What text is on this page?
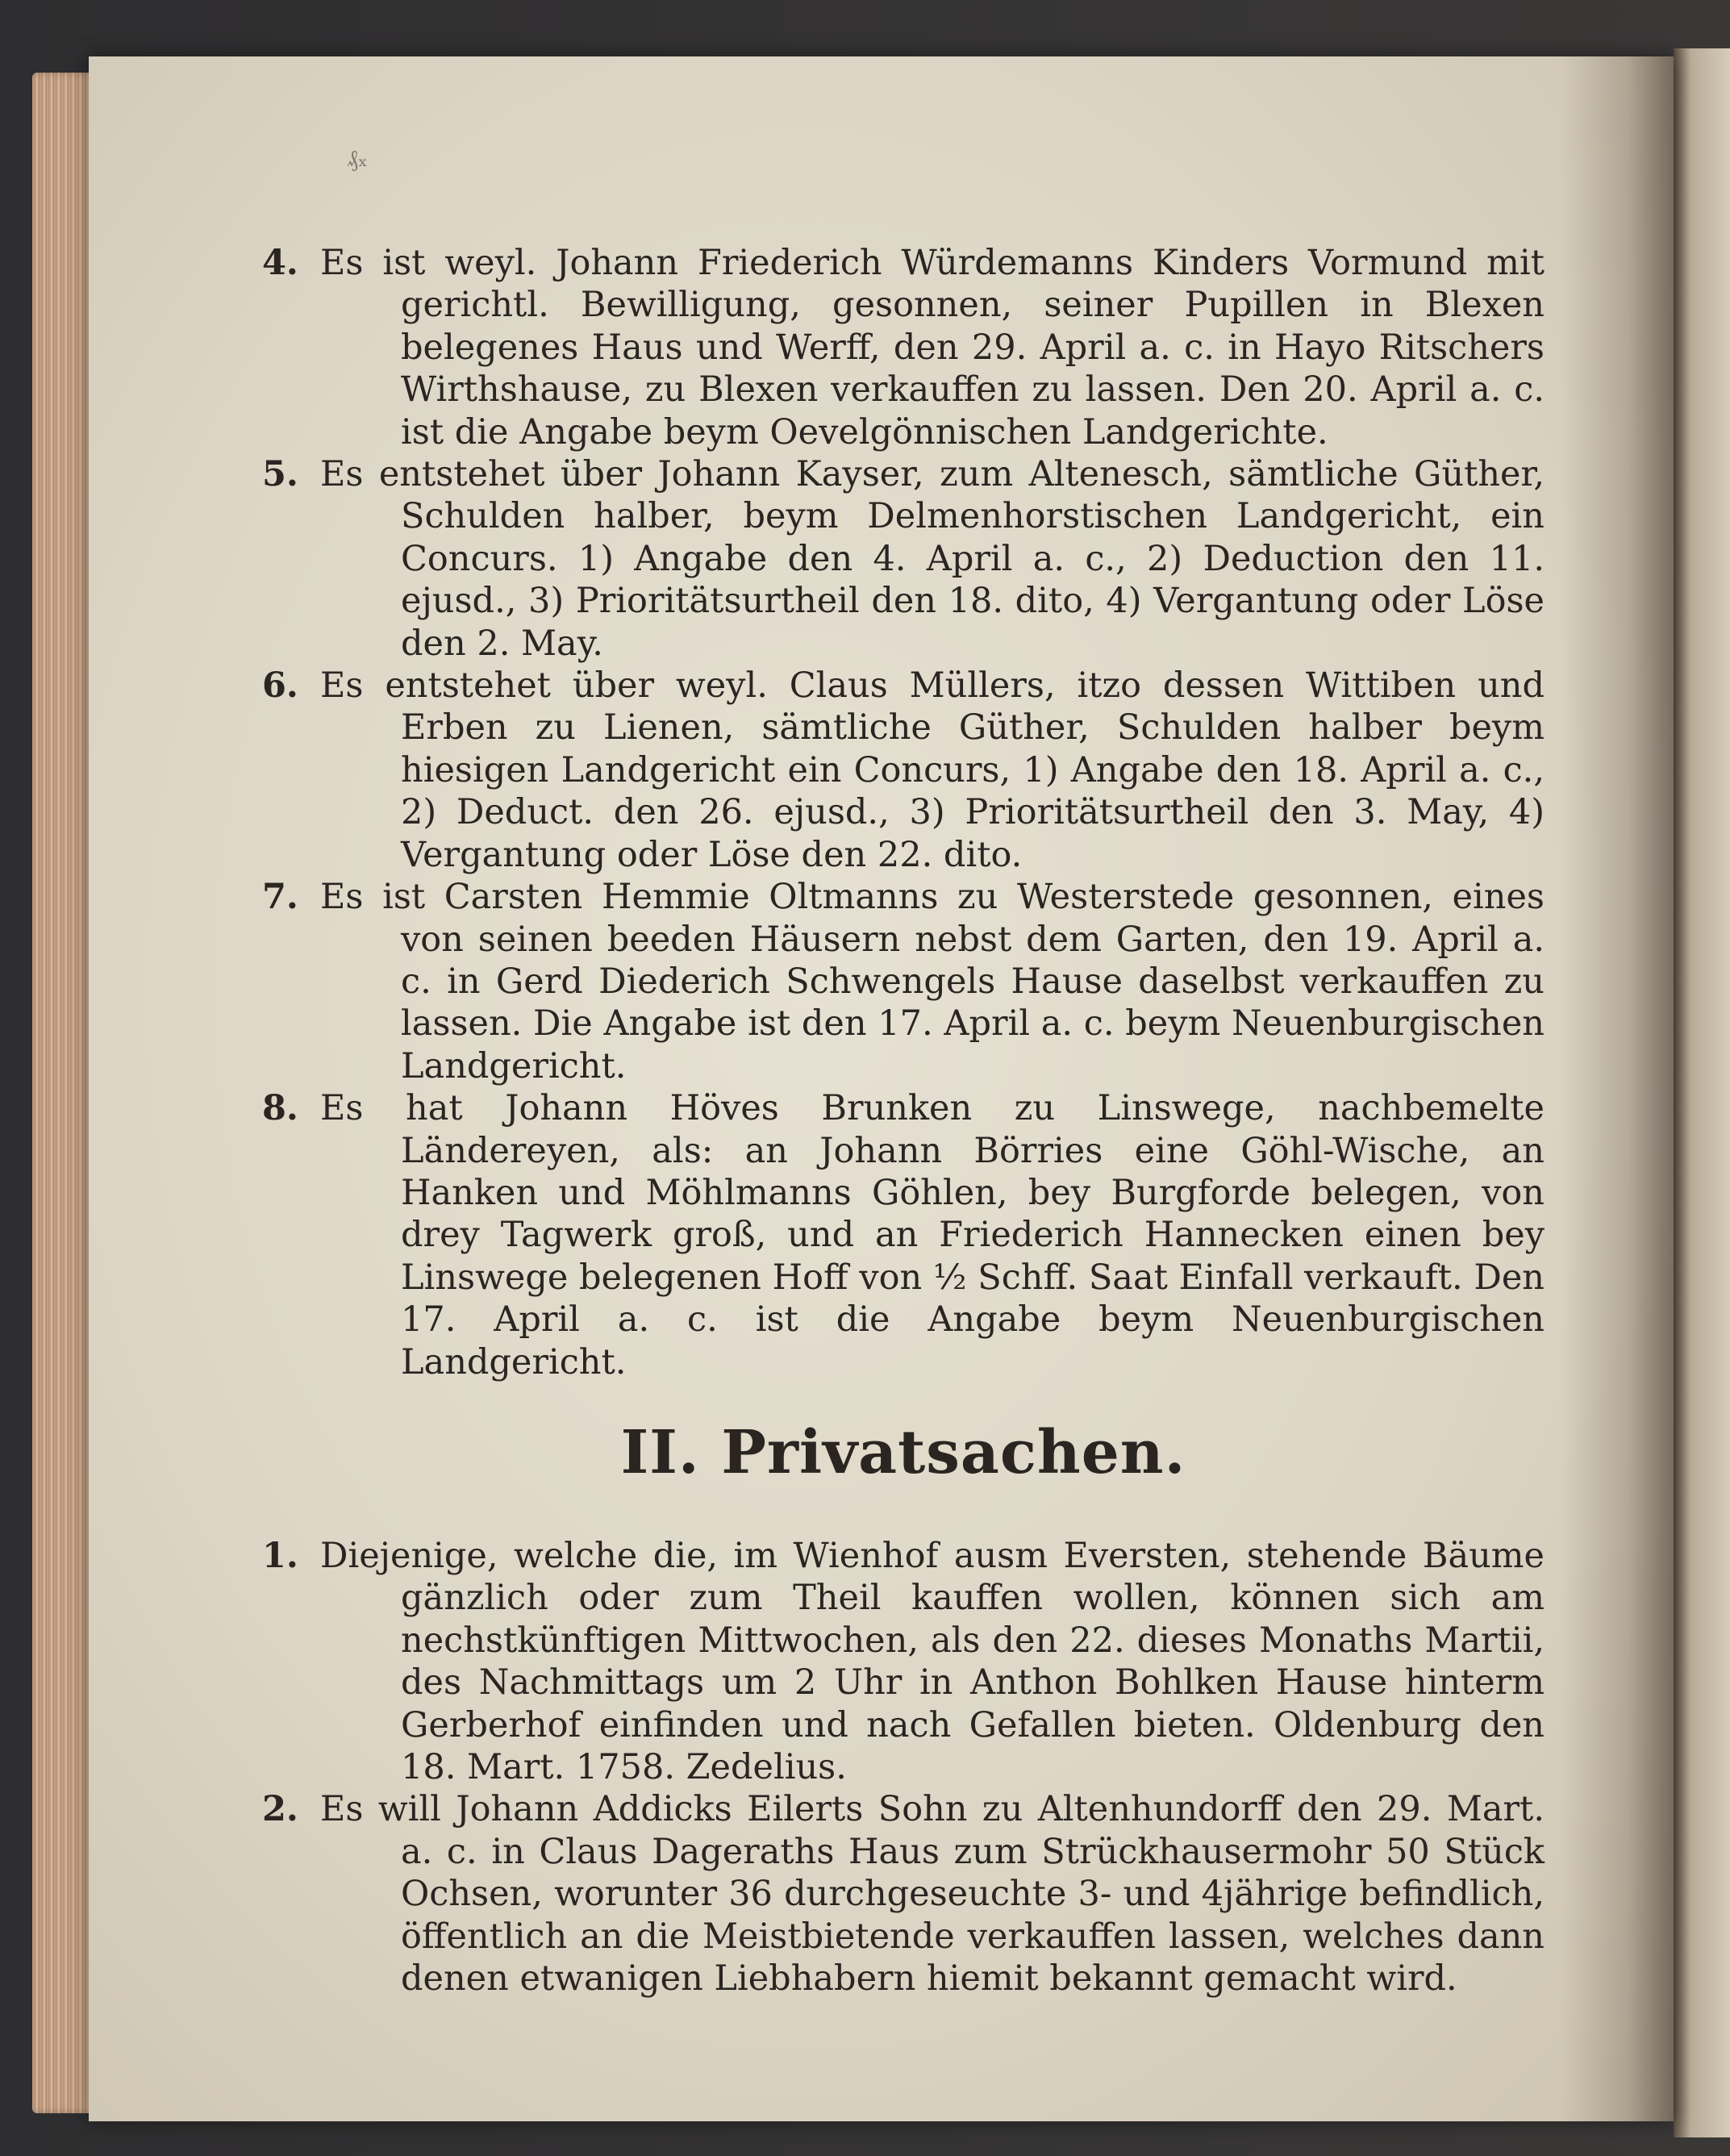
₰ₓ

4. Es ist weyl. Johann Friederich Würdemanns Kinders Vormund mit gerichtl. Bewilligung, gesonnen, seiner Pupillen in Blexen belegenes Haus und Werff, den 29. April a. c. in Hayo Ritschers Wirthshause, zu Blexen verkauffen zu lassen. Den 20. April a. c. ist die Angabe beym Oevelgönnischen Landgerichte.

5. Es entstehet über Johann Kayser, zum Altenesch, sämtliche Güther, Schulden halber, beym Delmenhorstischen Landgericht, ein Concurs. 1) Angabe den 4. April a. c., 2) Deduction den 11. ejusd., 3) Prioritätsurtheil den 18. dito, 4) Vergantung oder Löse den 2. May.

6. Es entstehet über weyl. Claus Müllers, itzo dessen Wittiben und Erben zu Lienen, sämtliche Güther, Schulden halber beym hiesigen Landgericht ein Concurs, 1) Angabe den 18. April a. c., 2) Deduct. den 26. ejusd., 3) Prioritätsurtheil den 3. May, 4) Vergantung oder Löse den 22. dito.

7. Es ist Carsten Hemmie Oltmanns zu Westerstede gesonnen, eines von seinen beeden Häusern nebst dem Garten, den 19. April a. c. in Gerd Diederich Schwengels Hause daselbst verkauffen zu lassen. Die Angabe ist den 17. April a. c. beym Neuenburgischen Landgericht.

8. Es hat Johann Höves Brunken zu Linswege, nachbemelte Ländereyen, als: an Johann Börries eine Göhl-Wische, an Hanken und Möhlmanns Göhlen, bey Burgforde belegen, von drey Tagwerk groß, und an Friederich Hannecken einen bey Linswege belegenen Hoff von ½ Schff. Saat Einfall verkauft. Den 17. April a. c. ist die Angabe beym Neuenburgischen Landgericht.

II. Privatsachen.

1. Diejenige, welche die, im Wienhof ausm Eversten, stehende Bäume gänzlich oder zum Theil kauffen wollen, können sich am nechstkünftigen Mittwochen, als den 22. dieses Monaths Martii, des Nachmittags um 2 Uhr in Anthon Bohlken Hause hinterm Gerberhof einfinden und nach Gefallen bieten. Oldenburg den 18. Mart. 1758. Zedelius.

2. Es will Johann Addicks Eilerts Sohn zu Altenhundorff den 29. Mart. a. c. in Claus Dageraths Haus zum Strückhausermohr 50 Stück Ochsen, worunter 36 durchgeseuchte 3- und 4jährige befindlich, öffentlich an die Meistbietende verkauffen lassen, welches dann denen etwanigen Liebhabern hiemit bekannt gemacht wird.
